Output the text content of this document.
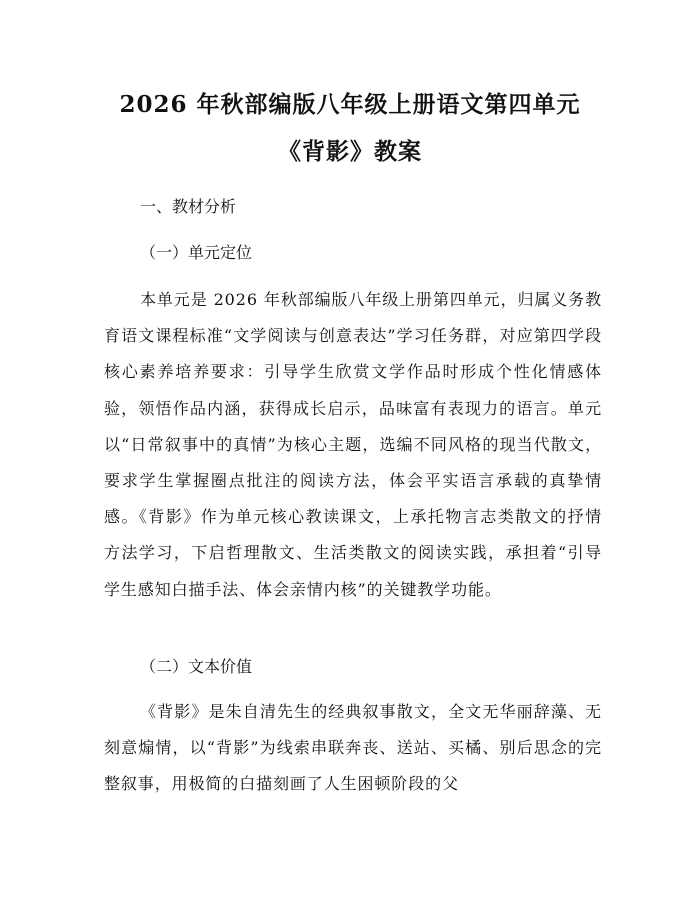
2026 年秋部编版八年级上册语文第四单元
《背影》教案
一、教材分析
（一）单元定位
本单元是 2026 年秋部编版八年级上册第四单元，归属义务教育语文课程标准“文学阅读与创意表达”学习任务群，对应第四学段核心素养培养要求：引导学生欣赏文学作品时形成个性化情感体验，领悟作品内涵，获得成长启示，品味富有表现力的语言。单元以“日常叙事中的真情”为核心主题，选编不同风格的现当代散文，要求学生掌握圈点批注的阅读方法，体会平实语言承载的真挚情感。《背影》作为单元核心教读课文，上承托物言志类散文的抒情方法学习，下启哲理散文、生活类散文的阅读实践，承担着“引导学生感知白描手法、体会亲情内核”的关键教学功能。
（二）文本价值
《背影》是朱自清先生的经典叙事散文，全文无华丽辞藻、无刻意煽情，以“背影”为线索串联奔丧、送站、买橘、别后思念的完整叙事，用极简的白描刻画了人生困顿阶段的父
